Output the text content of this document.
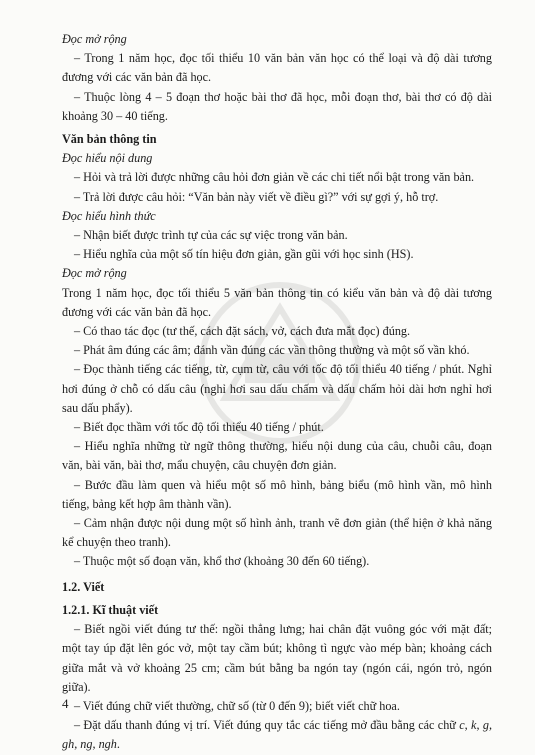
Đọc mở rộng

– Trong 1 năm học, đọc tối thiểu 10 văn bản văn học có thể loại và độ dài tương đương với các văn bản đã học.

– Thuộc lòng 4 – 5 đoạn thơ hoặc bài thơ đã học, mỗi đoạn thơ, bài thơ có độ dài khoảng 30 – 40 tiếng.

Văn bản thông tin

Đọc hiểu nội dung

– Hỏi và trả lời được những câu hỏi đơn giản về các chi tiết nổi bật trong văn bản.

– Trả lời được câu hỏi: “Văn bản này viết về điều gì?” với sự gợi ý, hỗ trợ.

Đọc hiểu hình thức

– Nhận biết được trình tự của các sự việc trong văn bản.

– Hiểu nghĩa của một số tín hiệu đơn giản, gần gũi với học sinh (HS).

Đọc mở rộng

Trong 1 năm học, đọc tối thiểu 5 văn bản thông tin có kiểu văn bản và độ dài tương đương với các văn bản đã học.

– Có thao tác đọc (tư thế, cách đặt sách, vở, cách đưa mắt đọc) đúng.

– Phát âm đúng các âm; đánh vần đúng các vần thông thường và một số vần khó.

– Đọc thành tiếng các tiếng, từ, cụm từ, câu với tốc độ tối thiểu 40 tiếng / phút. Nghỉ hơi đúng ở chỗ có dấu câu (nghỉ hơi sau dấu chấm và dấu chấm hỏi dài hơn nghỉ hơi sau dấu phẩy).

– Biết đọc thầm với tốc độ tối thiểu 40 tiếng / phút.

– Hiểu nghĩa những từ ngữ thông thường, hiểu nội dung của câu, chuỗi câu, đoạn văn, bài văn, bài thơ, mẩu chuyện, câu chuyện đơn giản.

– Bước đầu làm quen và hiểu một số mô hình, bảng biểu (mô hình vần, mô hình tiếng, bảng kết hợp âm thành vần).

– Cảm nhận được nội dung một số hình ảnh, tranh vẽ đơn giản (thể hiện ở khả năng kể chuyện theo tranh).

– Thuộc một số đoạn văn, khổ thơ (khoảng 30 đến 60 tiếng).

1.2. Viết

1.2.1. Kĩ thuật viết

– Biết ngồi viết đúng tư thế: ngồi thẳng lưng; hai chân đặt vuông góc với mặt đất; một tay úp đặt lên góc vở, một tay cầm bút; không tì ngực vào mép bàn; khoảng cách giữa mắt và vở khoảng 25 cm; cầm bút bằng ba ngón tay (ngón cái, ngón trỏ, ngón giữa).

– Viết đúng chữ viết thường, chữ số (từ 0 đến 9); biết viết chữ hoa.

– Đặt dấu thanh đúng vị trí. Viết đúng quy tắc các tiếng mở đầu bằng các chữ c, k, g, gh, ng, ngh.

4
